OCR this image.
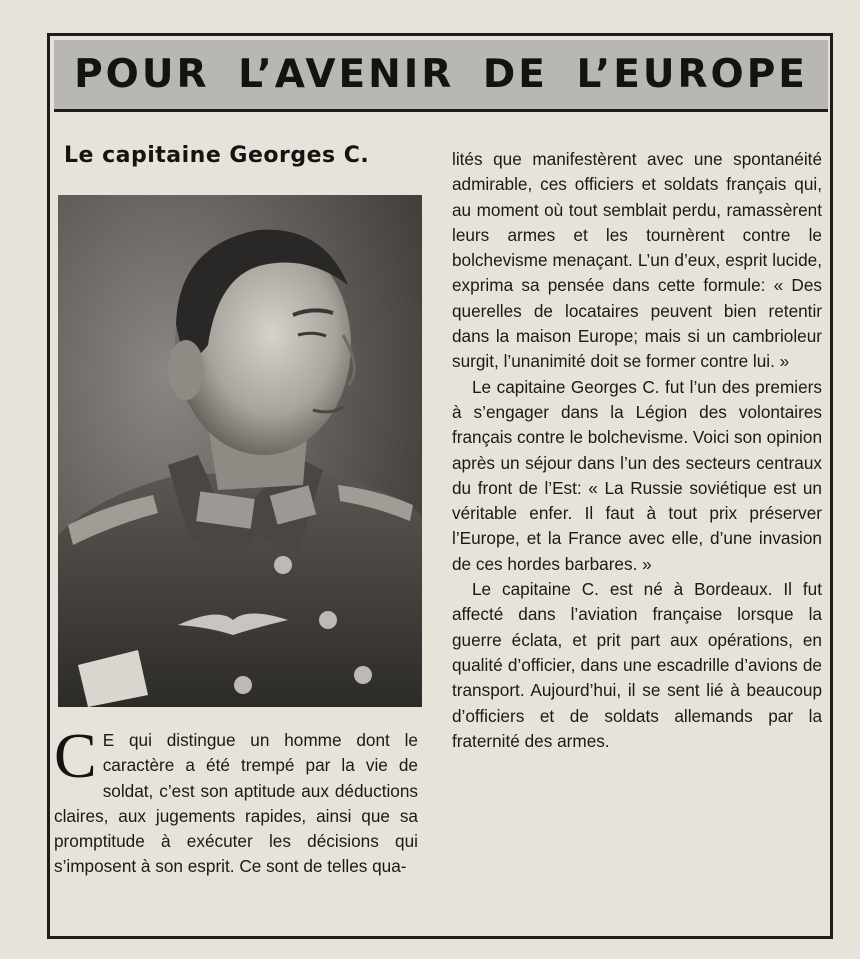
POUR L’AVENIR DE L’EUROPE
Le capitaine Georges C.
C E qui distingue un homme dont le caractère a été trempé par la vie de soldat, c’est son aptitude aux déductions claires, aux jugements rapides, ainsi que sa promptitude à exécuter les décisions qui s’imposent à son esprit. Ce sont de telles qua-

lités que manifestèrent avec une spontanéité admirable, ces officiers et soldats français qui, au moment où tout semblait perdu, ramassèrent leurs armes et les tournèrent contre le bolchevisme menaçant. L’un d’eux, esprit lucide, exprima sa pensée dans cette formule: « Des querelles de locataires peuvent bien retentir dans la maison Europe; mais si un cambrioleur surgit, l’unanimité doit se former contre lui. »

Le capitaine Georges C. fut l’un des premiers à s’engager dans la Légion des volontaires français contre le bolchevisme. Voici son opinion après un séjour dans l’un des secteurs centraux du front de l’Est: « La Russie soviétique est un véritable enfer. Il faut à tout prix préserver l’Europe, et la France avec elle, d’une invasion de ces hordes barbares. »

Le capitaine C. est né à Bordeaux. Il fut affecté dans l’aviation française lorsque la guerre éclata, et prit part aux opérations, en qualité d’officier, dans une escadrille d’avions de transport. Aujourd’hui, il se sent lié à beaucoup d’officiers et de soldats allemands par la fraternité des armes.
